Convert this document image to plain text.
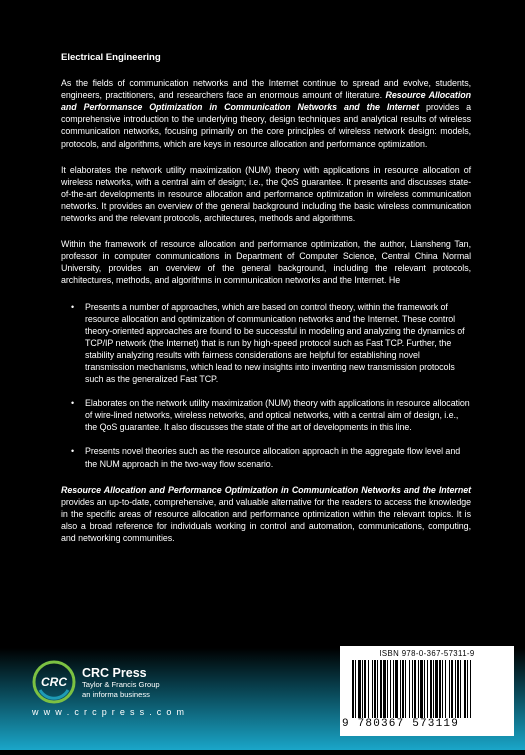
Electrical Engineering

As the fields of communication networks and the Internet continue to spread and evolve, students, engineers, practitioners, and researchers face an enormous amount of literature. Resource Allocation and Performansce Optimization in Communication Networks and the Internet provides a comprehensive introduction to the underlying theory, design techniques and analytical results of wireless communication networks, focusing primarily on the core principles of wireless network design: models, protocols, and algorithms, which are keys in resource allocation and performance optimization.

It elaborates the network utility maximization (NUM) theory with applications in resource allocation of wireless networks, with a central aim of design; i.e., the QoS guarantee. It presents and discusses state-of-the-art developments in resource allocation and performance optimization in wireless communication networks. It provides an overview of the general background including the basic wireless communication networks and the relevant protocols, architectures, methods and algorithms.

Within the framework of resource allocation and performance optimization, the author, Liansheng Tan, professor in computer communications in Department of Computer Science, Central China Normal University, provides an overview of the general background, including the relevant protocols, architectures, methods, and algorithms in communication networks and the Internet. He

• Presents a number of approaches, which are based on control theory, within the framework of resource allocation and optimization of communication networks and the Internet. These control theory-oriented approaches are found to be successful in modeling and analyzing the dynamics of TCP/IP network (the Internet) that is run by high-speed protocol such as Fast TCP. Further, the stability analyzing results with fairness considerations are helpful for establishing novel transmission mechanisms, which lead to new insights into inventing new transmission protocols such as the generalized Fast TCP.
• Elaborates on the network utility maximization (NUM) theory with applications in resource allocation of wire-lined networks, wireless networks, and optical networks, with a central aim of design, i.e., the QoS guarantee. It also discusses the state of the art of developments in this line.
• Presents novel theories such as the resource allocation approach in the aggregate flow level and the NUM approach in the two-way flow scenario.

Resource Allocation and Performance Optimization in Communication Networks and the Internet provides an up-to-date, comprehensive, and valuable alternative for the readers to access the knowledge in the specific areas of resource allocation and performance optimization within the relevant topics. It is also a broad reference for individuals working in control and automation, communications, computing, and networking communities.

CRC
CRC Press
Taylor & Francis Group
an informa business
w w w . c r c p r e s s . c o m
ISBN 978-0-367-57311-9
9 780367 573119
